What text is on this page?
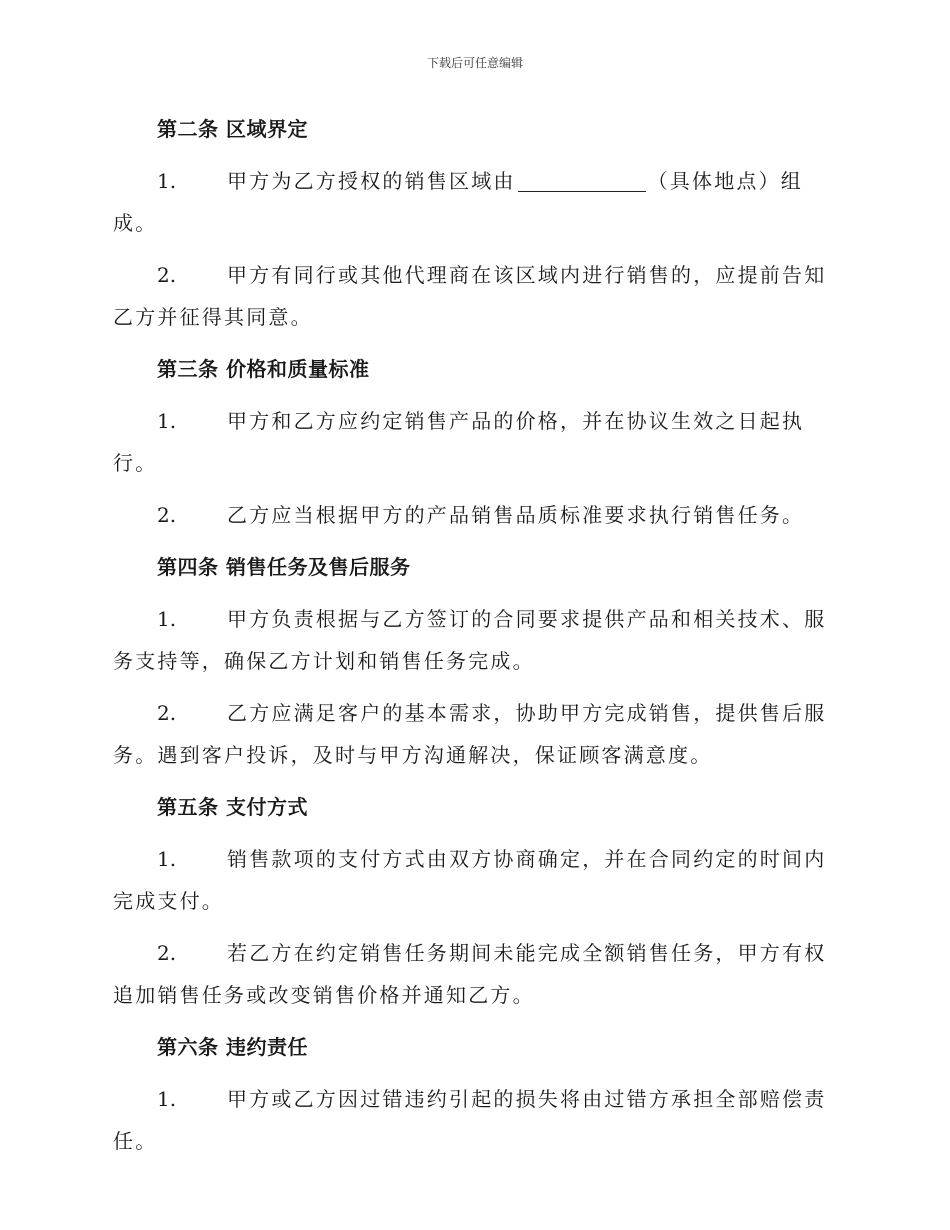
下载后可任意编辑
第二条 区域界定
1.	甲方为乙方授权的销售区域由	（具体地点）组成。
2.	甲方有同行或其他代理商在该区域内进行销售的，应提前告知乙方并征得其同意。
第三条 价格和质量标准
1.	甲方和乙方应约定销售产品的价格，并在协议生效之日起执行。
2.	乙方应当根据甲方的产品销售品质标准要求执行销售任务。
第四条 销售任务及售后服务
1.	甲方负责根据与乙方签订的合同要求提供产品和相关技术、服务支持等，确保乙方计划和销售任务完成。
2.	乙方应满足客户的基本需求，协助甲方完成销售，提供售后服务。遇到客户投诉，及时与甲方沟通解决，保证顾客满意度。
第五条 支付方式
1.	销售款项的支付方式由双方协商确定，并在合同约定的时间内完成支付。
2.	若乙方在约定销售任务期间未能完成全额销售任务，甲方有权追加销售任务或改变销售价格并通知乙方。
第六条 违约责任
1.	甲方或乙方因过错违约引起的损失将由过错方承担全部赔偿责任。
